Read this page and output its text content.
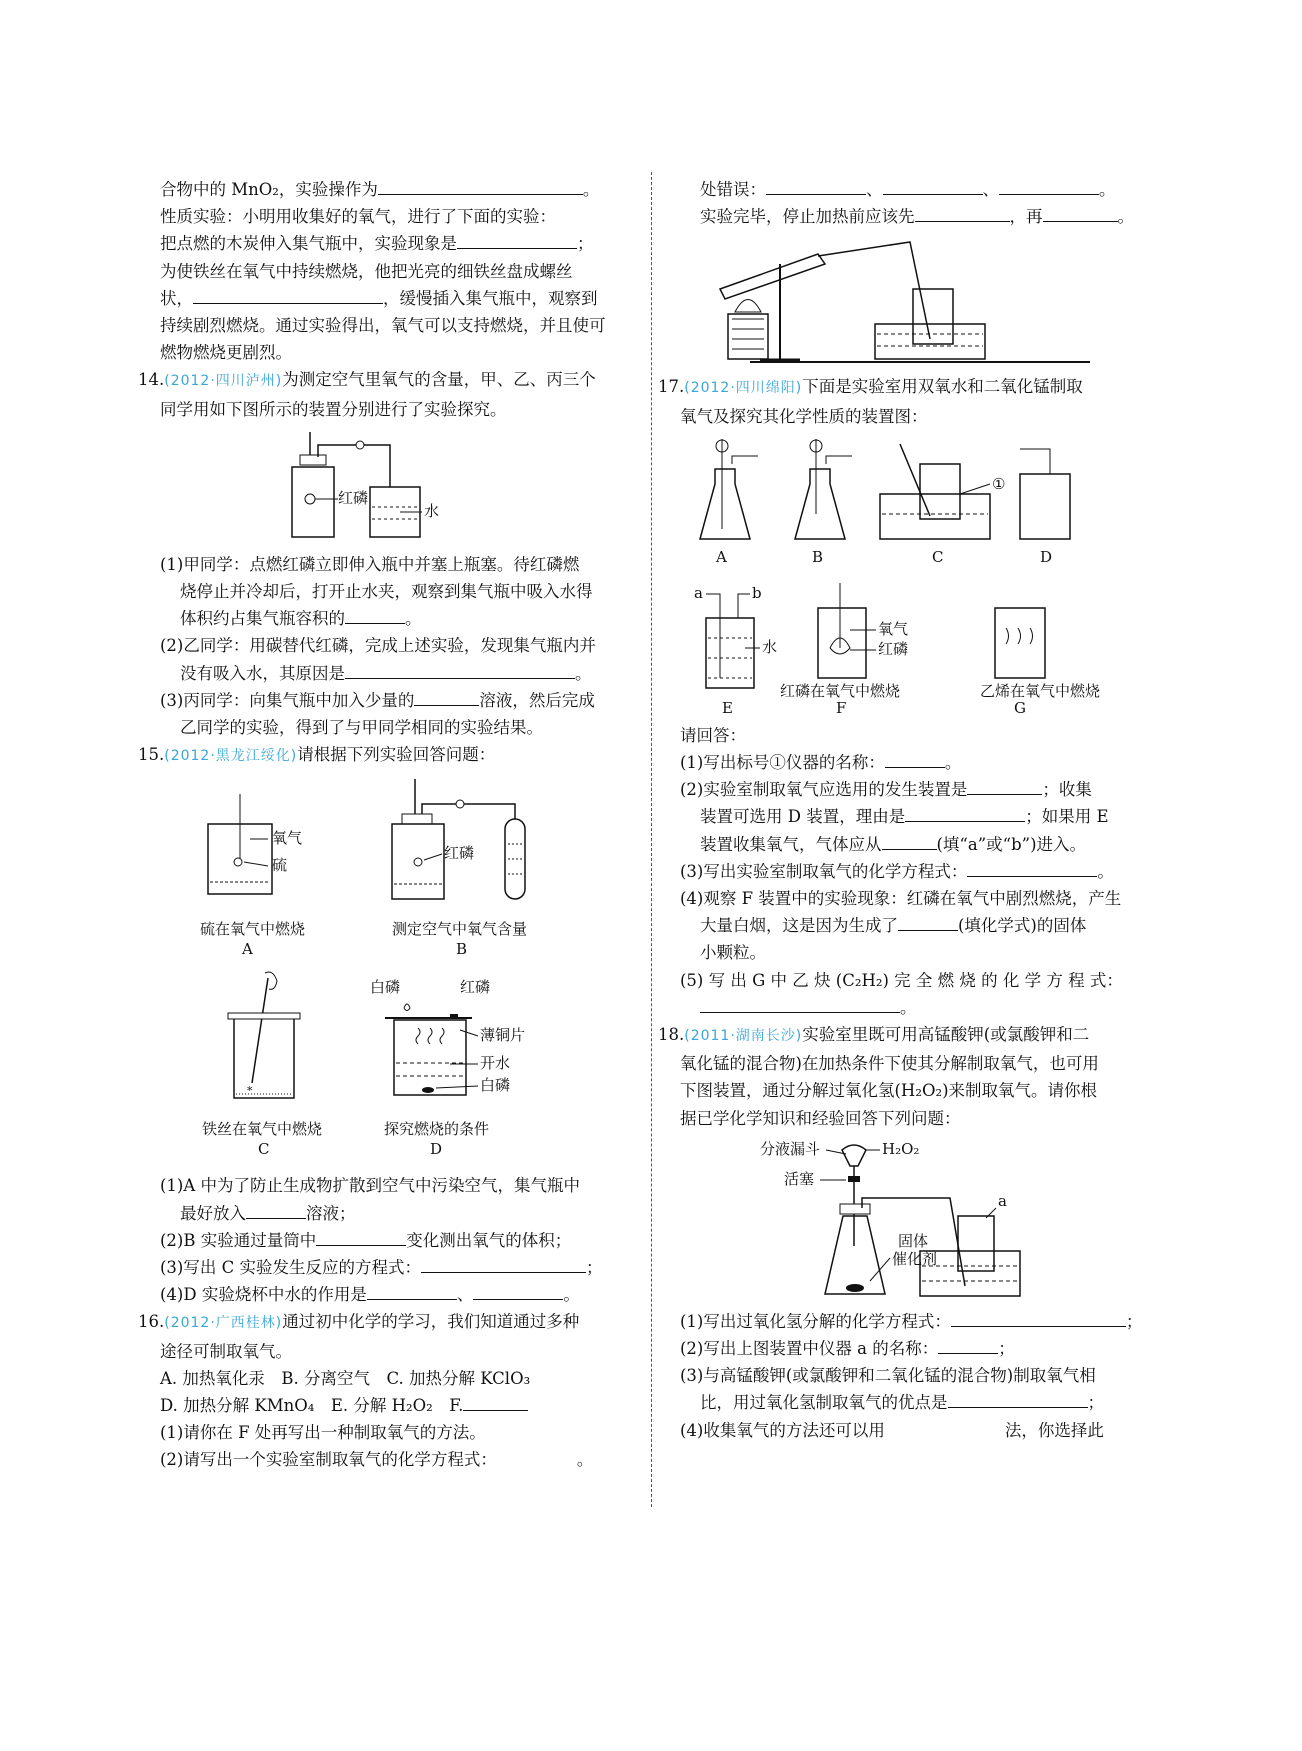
合物中的 MnO₂，实验操作为	。

性质实验：小明用收集好的氧气，进行了下面的实验：

把点燃的木炭伸入集气瓶中，实验现象是	；

为使铁丝在氧气中持续燃烧，他把光亮的细铁丝盘成螺丝

状，	，缓慢插入集气瓶中，观察到

持续剧烈燃烧。通过实验得出，氧气可以支持燃烧，并且使可

燃物燃烧更剧烈。

14.(2012·四川泸州)为测定空气里氧气的含量，甲、乙、丙三个

同学用如下图所示的装置分别进行了实验探究。

红磷
水

(1)甲同学：点燃红磷立即伸入瓶中并塞上瓶塞。待红磷燃

烧停止并冷却后，打开止水夹，观察到集气瓶中吸入水得

体积约占集气瓶容积的	。

(2)乙同学：用碳替代红磷，完成上述实验，发现集气瓶内并

没有吸入水，其原因是	。

(3)丙同学：向集气瓶中加入少量的	溶液，然后完成

乙同学的实验，得到了与甲同学相同的实验结果。

15.(2012·黑龙江绥化)请根据下列实验回答问题：

氧气
硫
硫在氧气中燃烧
A
红磷
测定空气中氧气含量
B
∗
铁丝在氧气中燃烧
C
白磷	红磷
薄铜片
开水
白磷
探究燃烧的条件
D

(1)A 中为了防止生成物扩散到空气中污染空气，集气瓶中

最好放入	溶液；

(2)B 实验通过量筒中	变化测出氧气的体积；

(3)写出 C 实验发生反应的方程式：	；

(4)D 实验烧杯中水的作用是	、	。

16.(2012·广西桂林)通过初中化学的学习，我们知道通过多种

途径可制取氧气。

A. 加热氧化汞　B. 分离空气　C. 加热分解 KClO₃

D. 加热分解 KMnO₄　E. 分解 H₂O₂　F.

(1)请你在 F 处再写出一种制取氧气的方法。

(2)请写出一个实验室制取氧气的化学方程式：	。

处错误：	、	、	。

实验完毕，停止加热前应该先	，再	。

17.(2012·四川绵阳)下面是实验室用双氧水和二氧化锰制取

氧气及探究其化学性质的装置图：

A	B
①
C	D
a	b
水
E
氧气
红磷
红磷在氧气中燃烧
F
乙烯在氧气中燃烧
G

请回答：

(1)写出标号①仪器的名称：	。

(2)实验室制取氧气应选用的发生装置是	；收集

装置可选用 D 装置，理由是	；如果用 E

装置收集氧气，气体应从	(填“a”或“b”)进入。

(3)写出实验室制取氧气的化学方程式：	。

(4)观察 F 装置中的实验现象：红磷在氧气中剧烈燃烧，产生

大量白烟，这是因为生成了	(填化学式)的固体

小颗粒。

(5) 写 出 G 中 乙 炔 (C₂H₂) 完 全 燃 烧 的 化 学 方 程 式：

。

18.(2011·湖南长沙)实验室里既可用高锰酸钾(或氯酸钾和二

氧化锰的混合物)在加热条件下使其分解制取氧气，也可用

下图装置，通过分解过氧化氢(H₂O₂)来制取氧气。请你根

据已学化学知识和经验回答下列问题：

分液漏斗	H₂O₂
活塞
a
固体
催化剂

(1)写出过氧化氢分解的化学方程式：	；

(2)写出上图装置中仪器 a 的名称：	；

(3)与高锰酸钾(或氯酸钾和二氧化锰的混合物)制取氧气相

比，用过氧化氢制取氧气的优点是	；

(4)收集氧气的方法还可以用	法，你选择此
